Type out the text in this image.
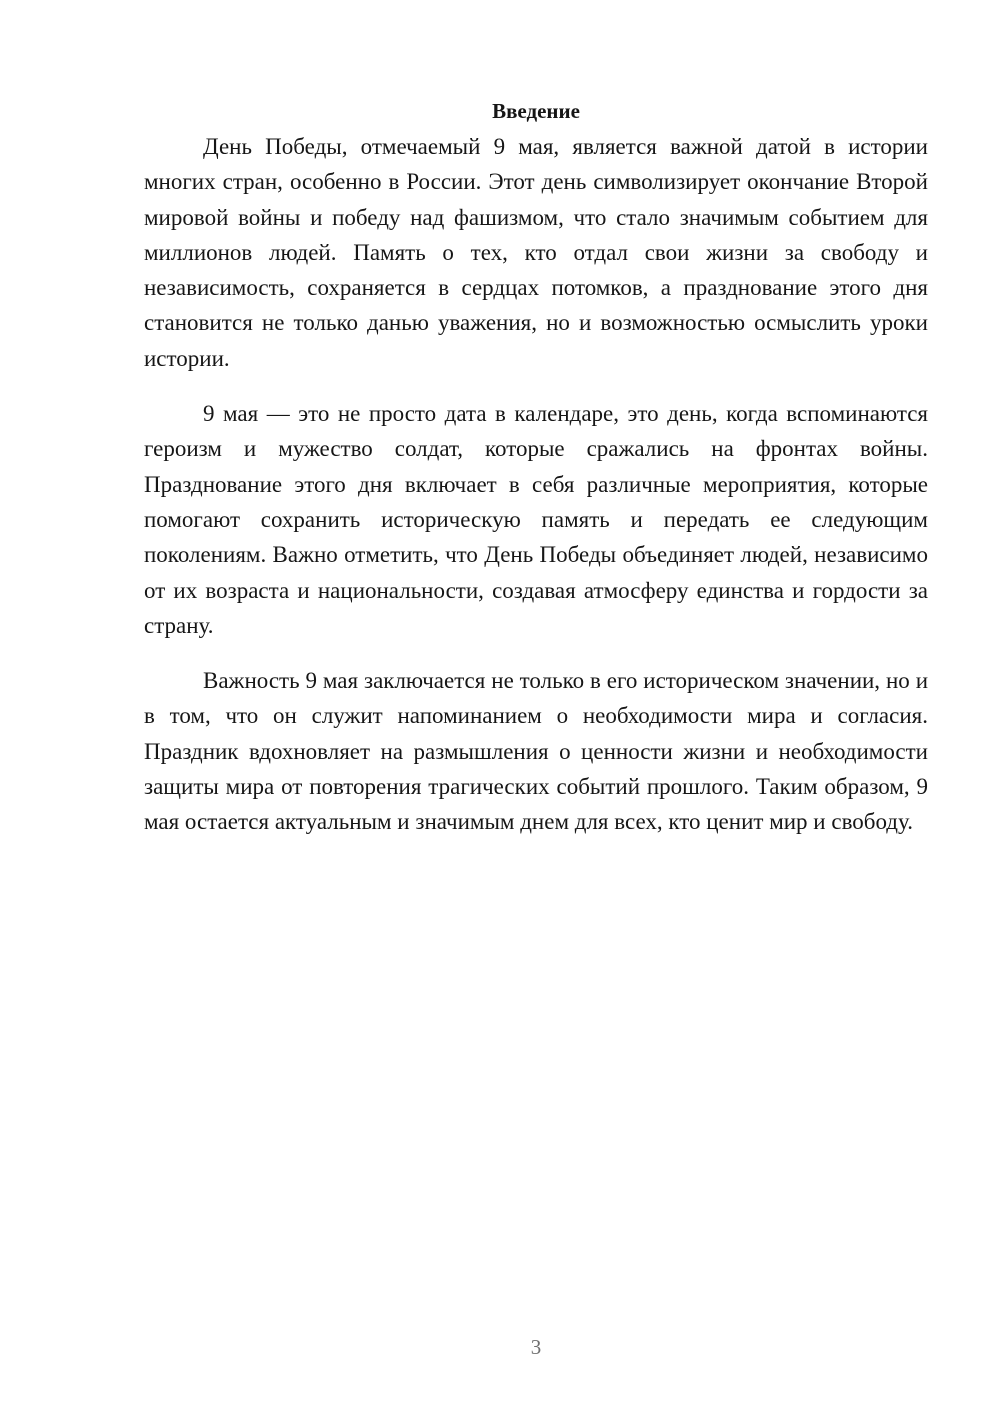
Введение

День Победы, отмечаемый 9 мая, является важной датой в истории многих стран, особенно в России. Этот день символизирует окончание Второй мировой войны и победу над фашизмом, что стало значимым событием для миллионов людей. Память о тех, кто отдал свои жизни за свободу и независимость, сохраняется в сердцах потомков, а празднование этого дня становится не только данью уважения, но и возможностью осмыслить уроки истории.

9 мая — это не просто дата в календаре, это день, когда вспоминаются героизм и мужество солдат, которые сражались на фронтах войны. Празднование этого дня включает в себя различные мероприятия, которые помогают сохранить историческую память и передать ее следующим поколениям. Важно отметить, что День Победы объединяет людей, независимо от их возраста и национальности, создавая атмосферу единства и гордости за страну.

Важность 9 мая заключается не только в его историческом значении, но и в том, что он служит напоминанием о необходимости мира и согласия. Праздник вдохновляет на размышления о ценности жизни и необходимости защиты мира от повторения трагических событий прошлого. Таким образом, 9 мая остается актуальным и значимым днем для всех, кто ценит мир и свободу.

3
